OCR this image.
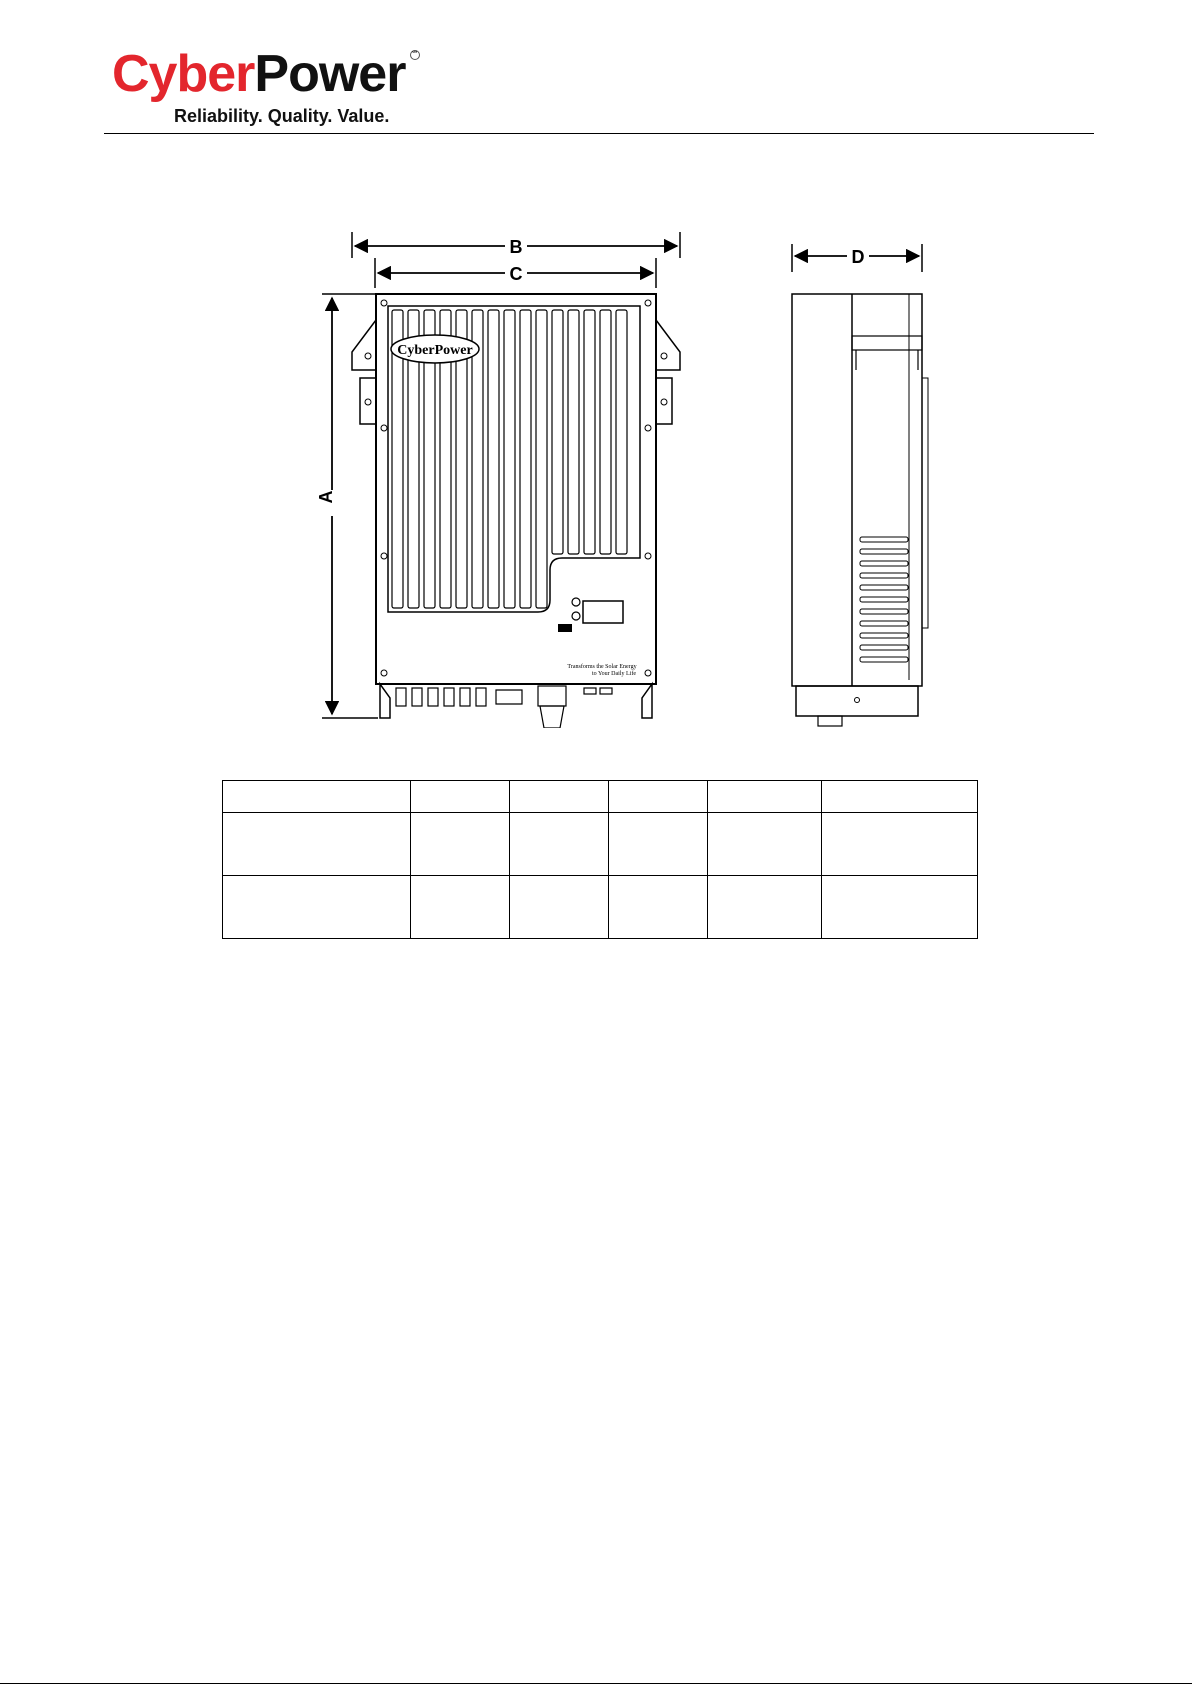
CyberPower ℠
Reliability. Quality. Value.
B
C
A
CyberPower
Transforms the Solar Energy
to Your Daily Life
D
